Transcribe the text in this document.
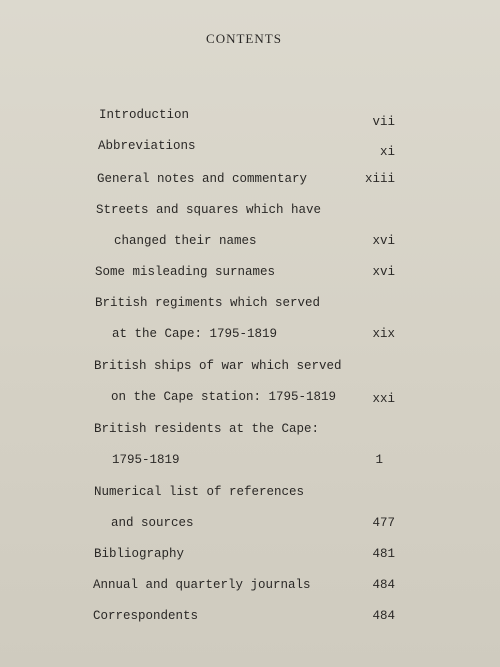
CONTENTS
Introduction	vii
Abbreviations	xi
General notes and commentary	xiii
Streets and squares which have
changed their names	xvi
Some misleading surnames	xvi
British regiments which served
at the Cape: 1795-1819	xix
British ships of war which served
on the Cape station: 1795-1819	xxi
British residents at the Cape:
1795-1819	1
Numerical list of references
and sources	477
Bibliography	481
Annual and quarterly journals	484
Correspondents	484
